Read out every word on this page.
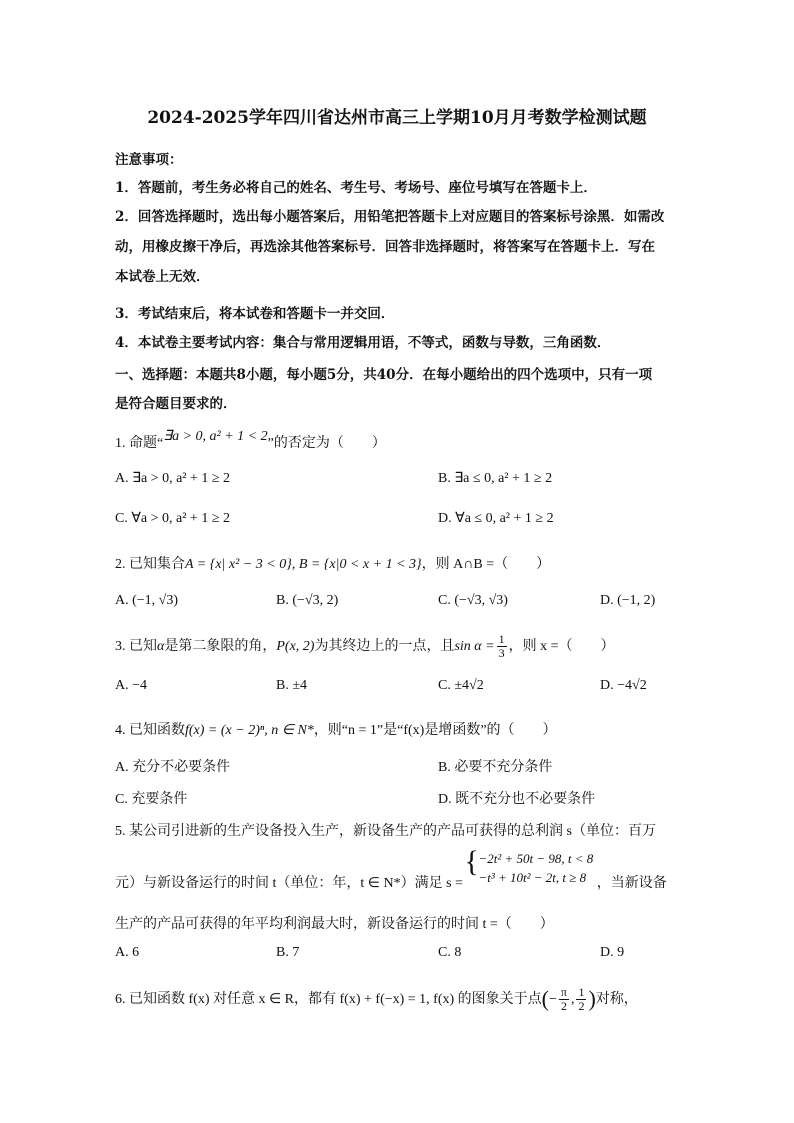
2024-2025学年四川省达州市高三上学期10月月考数学检测试题
注意事项：
1．答题前，考生务必将自己的姓名、考生号、考场号、座位号填写在答题卡上．
2．回答选择题时，选出每小题答案后，用铅笔把答题卡上对应题目的答案标号涂黑．如需改
动，用橡皮擦干净后，再选涂其他答案标号．回答非选择题时，将答案写在答题卡上．写在
本试卷上无效．
3．考试结束后，将本试卷和答题卡一并交回．
4．本试卷主要考试内容：集合与常用逻辑用语，不等式，函数与导数，三角函数．
一、选择题：本题共8小题，每小题5分，共40分．在每小题给出的四个选项中，只有一项
是符合题目要求的．
1. 命题“∃a > 0, a² + 1 < 2”的否定为（　　）
A. ∃a > 0, a² + 1 ≥ 2	B. ∃a ≤ 0, a² + 1 ≥ 2
C. ∀a > 0, a² + 1 ≥ 2	D. ∀a ≤ 0, a² + 1 ≥ 2
2. 已知集合A = {x| x² − 3 < 0}, B = {x|0 < x + 1 < 3}，则 A∩B =（　　）
A. (−1, √3)	B. (−√3, 2)	C. (−√3, √3)	D. (−1, 2)
3. 已知α是第二象限的角，P(x, 2)为其终边上的一点，且$\sin \alpha = \frac{1}{3}$ ，则 x =（　　）
A. −4	B. ±4	C. ±4√2	D. −4√2
4. 已知函数f(x) = (x − 2)ⁿ, n ∈ N*，则“n = 1”是“f(x)是增函数”的（　　）
A. 充分不必要条件	B. 必要不充分条件
C. 充要条件	D. 既不充分也不必要条件
5. 某公司引进新的生产设备投入生产，新设备生产的产品可获得的总利润 s（单位：百万
元）与新设备运行的时间 t（单位：年，t ∈ N*）满足 s =
{ −2t² + 50t − 98, t < 8
−t³ + 10t² − 2t, t ≥ 8 ，当新设备
生产的产品可获得的年平均利润最大时，新设备运行的时间 t =（　　）
A. 6	B. 7	C. 8	D. 9
6. 已知函数 f(x) 对任意 x ∈ R，都有 f(x) + f(−x) = 1, f(x) 的图象关于点(− $\frac{\pi}{2}$ , $\frac{1}{2}$ )对称，
